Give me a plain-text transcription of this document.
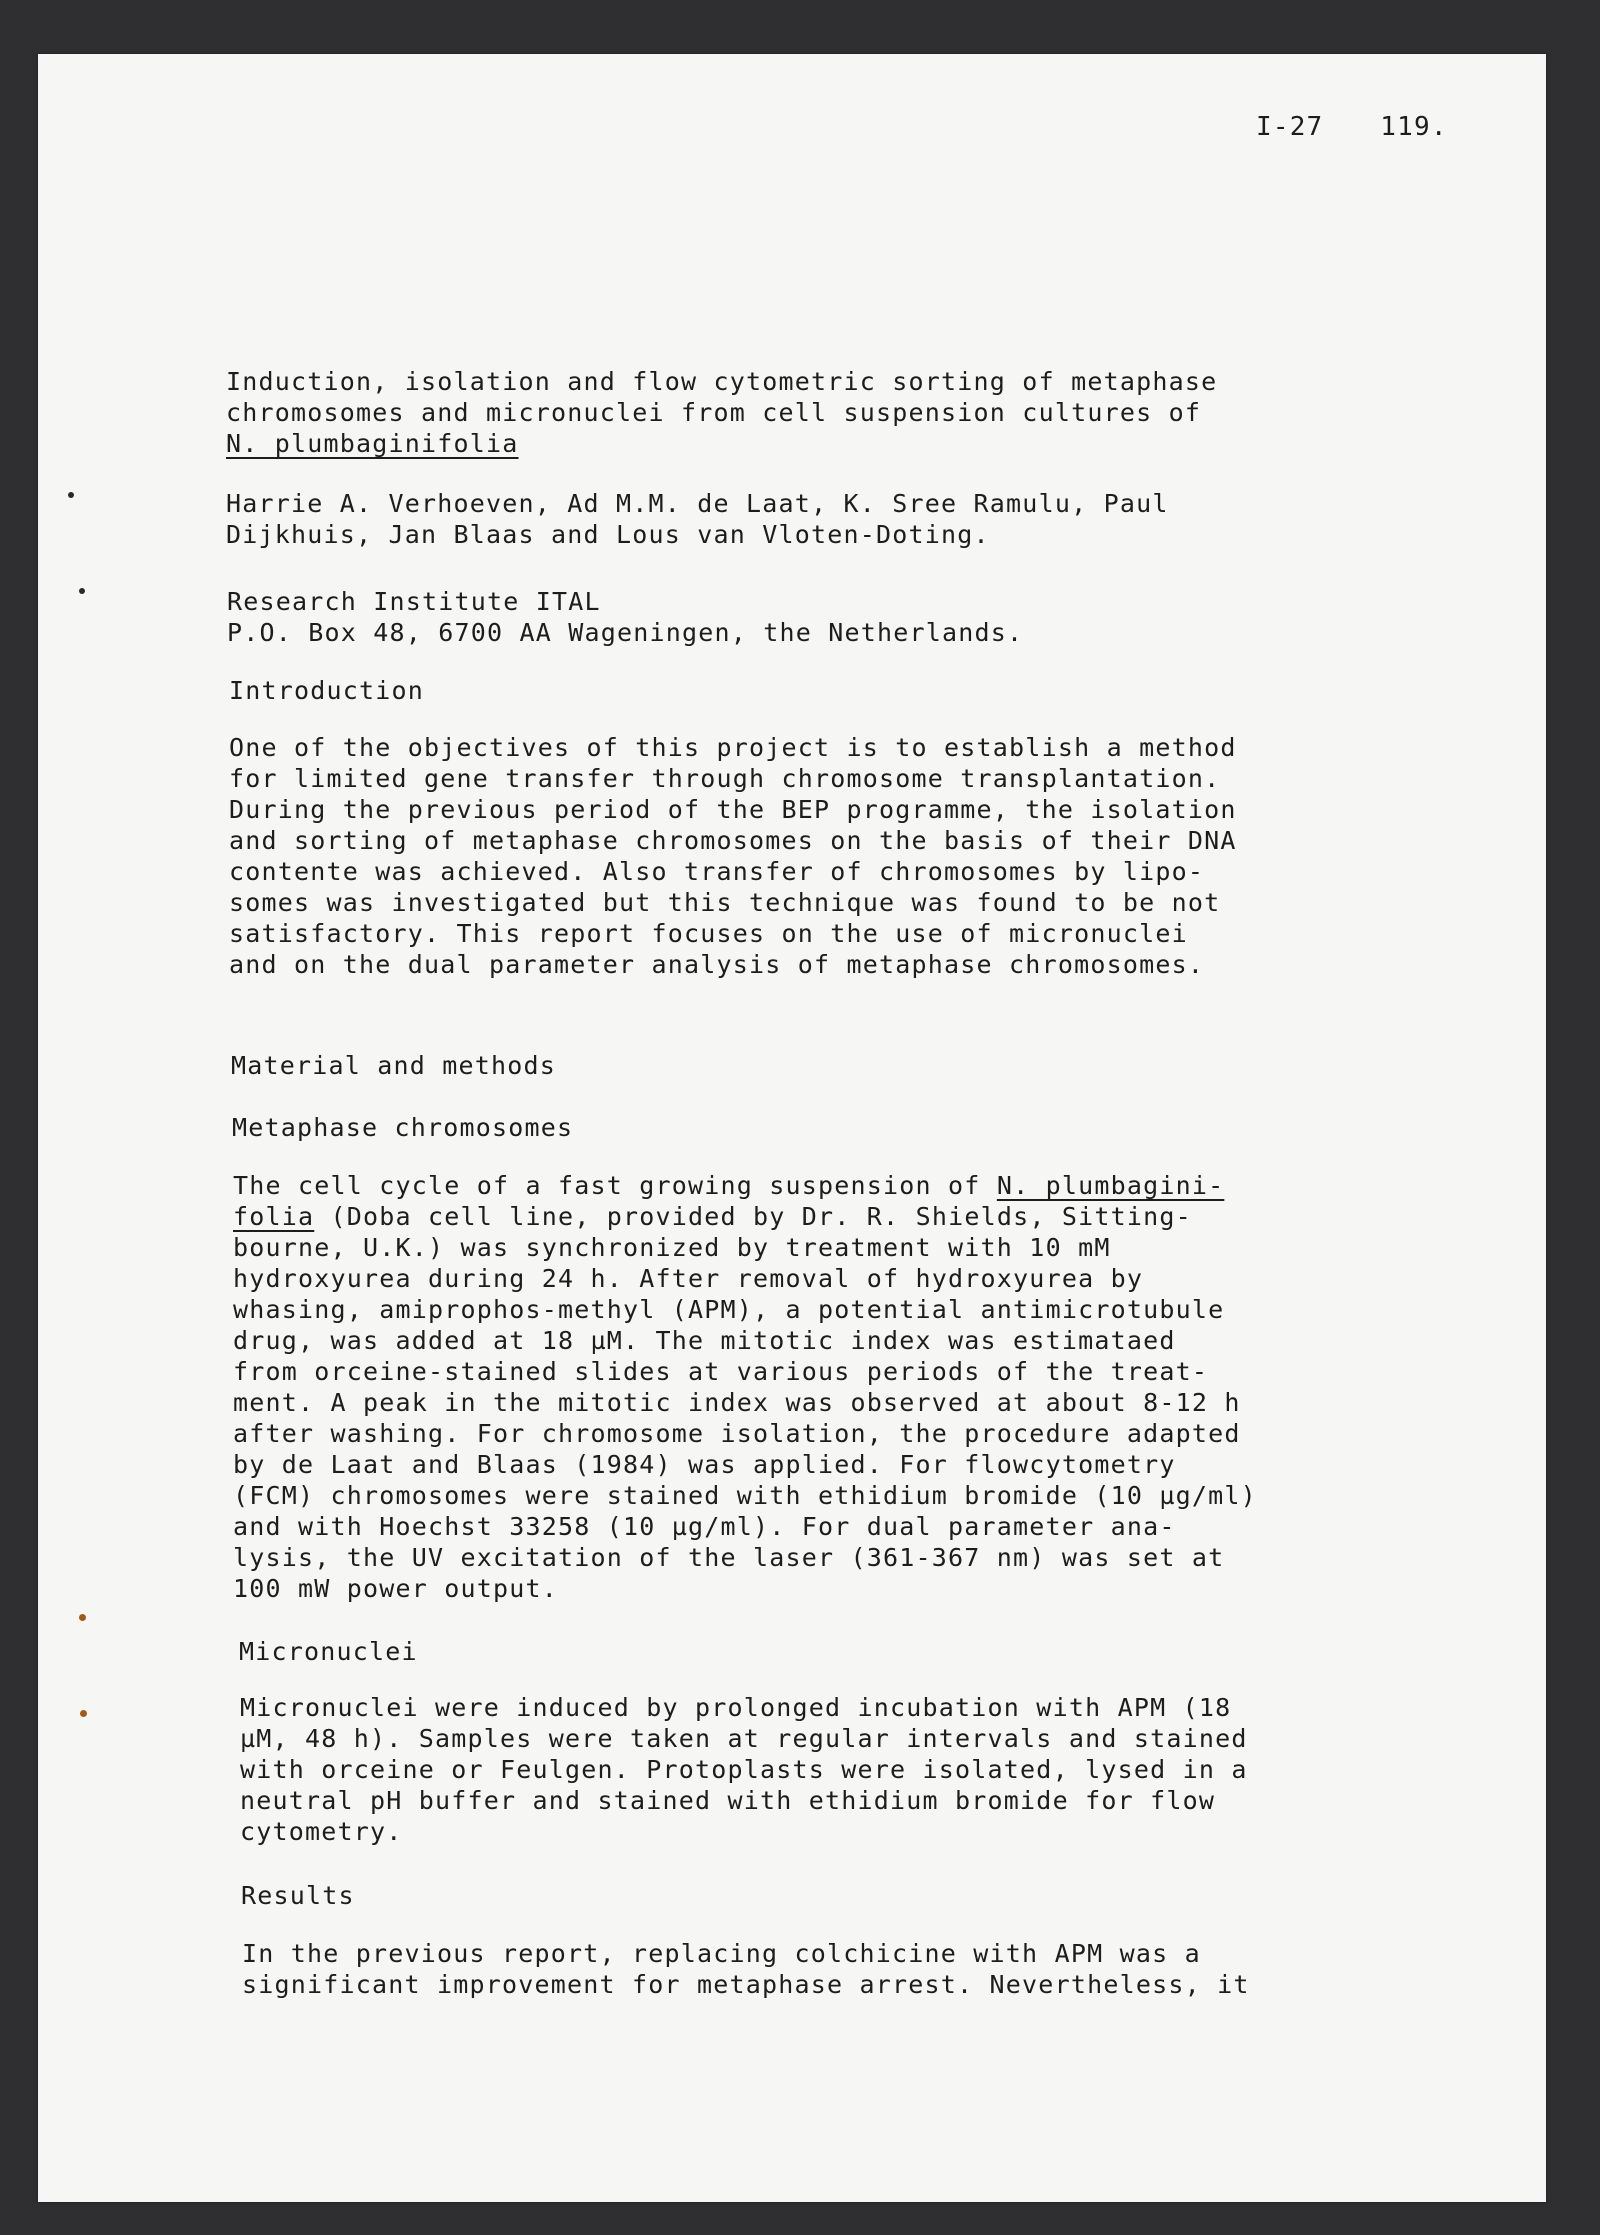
I-27 119.
Induction, isolation and flow cytometric sorting of metaphase
chromosomes and micronuclei from cell suspension cultures of
N. plumbaginifolia
Harrie A. Verhoeven, Ad M.M. de Laat, K. Sree Ramulu, Paul
Dijkhuis, Jan Blaas and Lous van Vloten-Doting.
Research Institute ITAL
P.O. Box 48, 6700 AA Wageningen, the Netherlands.
Introduction
One of the objectives of this project is to establish a method
for limited gene transfer through chromosome transplantation.
During the previous period of the BEP programme, the isolation
and sorting of metaphase chromosomes on the basis of their DNA
contente was achieved. Also transfer of chromosomes by lipo-
somes was investigated but this technique was found to be not
satisfactory. This report focuses on the use of micronuclei
and on the dual parameter analysis of metaphase chromosomes.
Material and methods
Metaphase chromosomes
The cell cycle of a fast growing suspension of N. plumbagini-
folia (Doba cell line, provided by Dr. R. Shields, Sitting-
bourne, U.K.) was synchronized by treatment with 10 mM
hydroxyurea during 24 h. After removal of hydroxyurea by
whasing, amiprophos-methyl (APM), a potential antimicrotubule
drug, was added at 18 µM. The mitotic index was estimataed
from orceine-stained slides at various periods of the treat-
ment. A peak in the mitotic index was observed at about 8-12 h
after washing. For chromosome isolation, the procedure adapted
by de Laat and Blaas (1984) was applied. For flowcytometry
(FCM) chromosomes were stained with ethidium bromide (10 µg/ml)
and with Hoechst 33258 (10 µg/ml). For dual parameter ana-
lysis, the UV excitation of the laser (361-367 nm) was set at
100 mW power output.
Micronuclei
Micronuclei were induced by prolonged incubation with APM (18
µM, 48 h). Samples were taken at regular intervals and stained
with orceine or Feulgen. Protoplasts were isolated, lysed in a
neutral pH buffer and stained with ethidium bromide for flow
cytometry.
Results
In the previous report, replacing colchicine with APM was a
significant improvement for metaphase arrest. Nevertheless, it
